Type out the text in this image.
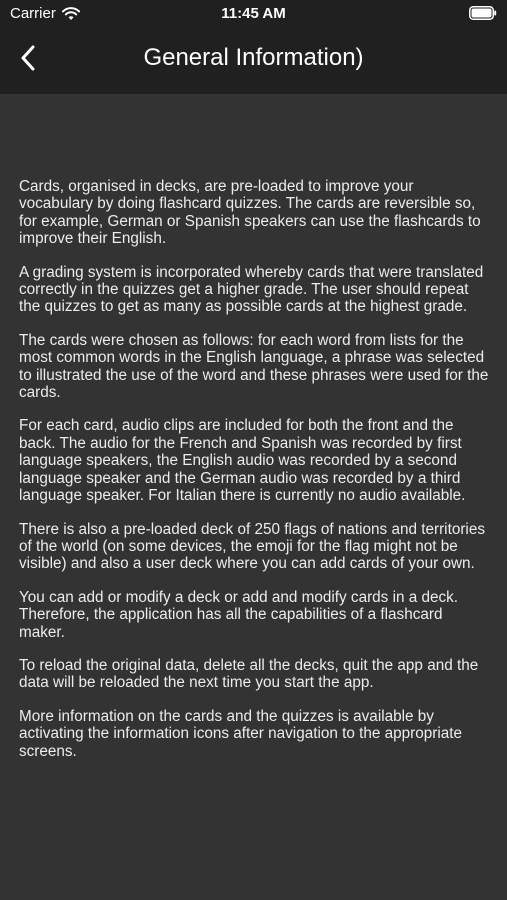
Carrier	11:45 AM
General Information)

Cards, organised in decks, are pre-loaded to improve your vocabulary by doing flashcard quizzes. The cards are reversible so, for example, German or Spanish speakers can use the flashcards to improve their English.

A grading system is incorporated whereby cards that were translated correctly in the quizzes get a higher grade. The user should repeat the quizzes to get as many as possible cards at the highest grade.

The cards were chosen as follows: for each word from lists for the most common words in the English language, a phrase was selected to illustrated the use of the word and these phrases were used for the cards.

For each card, audio clips are included for both the front and the back. The audio for the French and Spanish was recorded by first language speakers, the English audio was recorded by a second language speaker and the German audio was recorded by a third language speaker. For Italian there is currently no audio available.

There is also a pre-loaded deck of 250 flags of nations and territories of the world (on some devices, the emoji for the flag might not be visible) and also a user deck where you can add cards of your own.

You can add or modify a deck or add and modify cards in a deck. Therefore, the application has all the capabilities of a flashcard maker.

To reload the original data, delete all the decks, quit the app and the data will be reloaded the next time you start the app.

More information on the cards and the quizzes is available by activating the information icons after navigation to the appropriate screens.
